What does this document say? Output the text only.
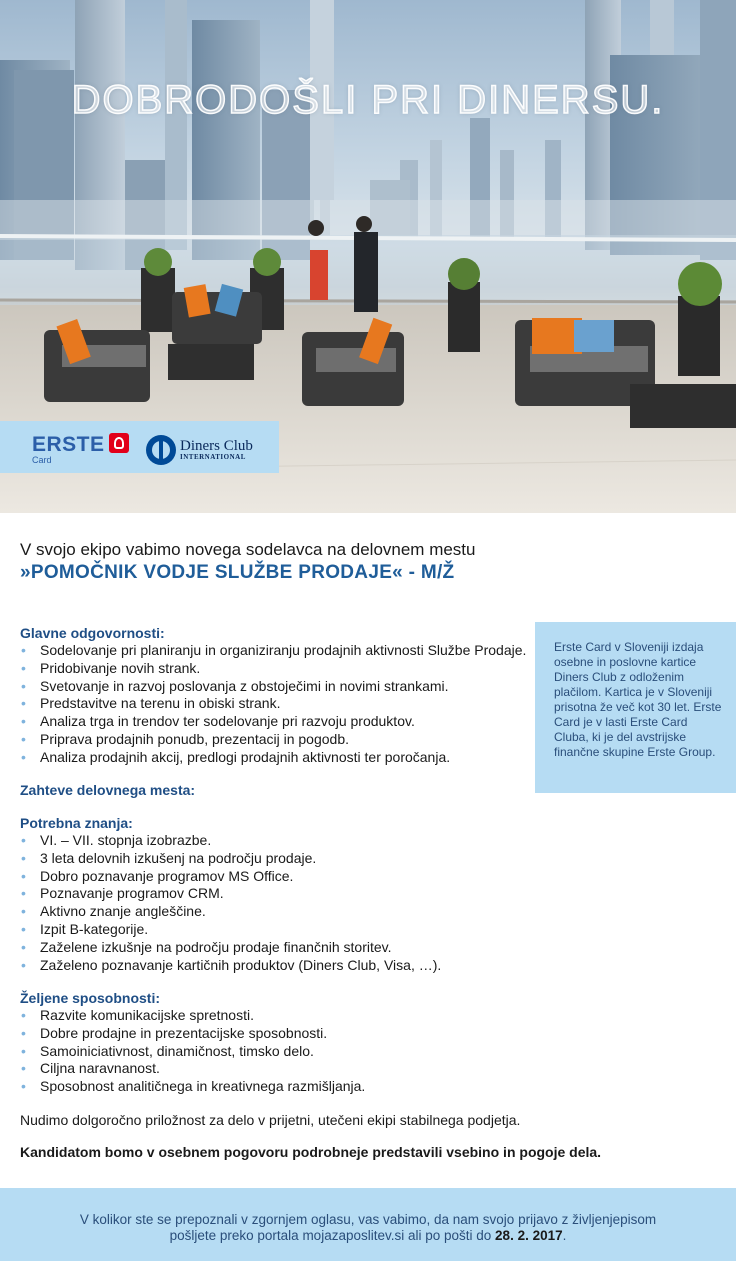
DOBRODOŠLI PRI DINERSU.
ERSTE
Card
Diners Club
INTERNATIONAL
V svojo ekipo vabimo novega sodelavca na delovnem mestu
»POMOČNIK VODJE SLUŽBE PRODAJE« - M/Ž
Erste Card v Sloveniji izdaja osebne in poslovne kartice Diners Club z odloženim plačilom. Kartica je v Sloveniji prisotna že več kot 30 let. Erste Card je v lasti Erste Card Cluba, ki je del avstrijske finančne skupine Erste Group.
Glavne odgovornosti:
• Sodelovanje pri planiranju in organiziranju prodajnih aktivnosti Službe Prodaje.
• Pridobivanje novih strank.
• Svetovanje in razvoj poslovanja z obstoječimi in novimi strankami.
• Predstavitve na terenu in obiski strank.
• Analiza trga in trendov ter sodelovanje pri razvoju produktov.
• Priprava prodajnih ponudb, prezentacij in pogodb.
• Analiza prodajnih akcij, predlogi prodajnih aktivnosti ter poročanja.
Zahteve delovnega mesta:
Potrebna znanja:
• VI. – VII. stopnja izobrazbe.
• 3 leta delovnih izkušenj na področju prodaje.
• Dobro poznavanje programov MS Office.
• Poznavanje programov CRM.
• Aktivno znanje angleščine.
• Izpit B-kategorije.
• Zaželene izkušnje na področju prodaje finančnih storitev.
• Zaželeno poznavanje kartičnih produktov (Diners Club, Visa, …).
Željene sposobnosti:
• Razvite komunikacijske spretnosti.
• Dobre prodajne in prezentacijske sposobnosti.
• Samoiniciativnost, dinamičnost, timsko delo.
• Ciljna naravnanost.
• Sposobnost analitičnega in kreativnega razmišljanja.
Nudimo dolgoročno priložnost za delo v prijetni, utečeni ekipi stabilnega podjetja.
Kandidatom bomo v osebnem pogovoru podrobneje predstavili vsebino in pogoje dela.
V kolikor ste se prepoznali v zgornjem oglasu, vas vabimo, da nam svojo prijavo z življenjepisom
pošljete preko portala mojazaposlitev.si ali po pošti do 28. 2. 2017.
